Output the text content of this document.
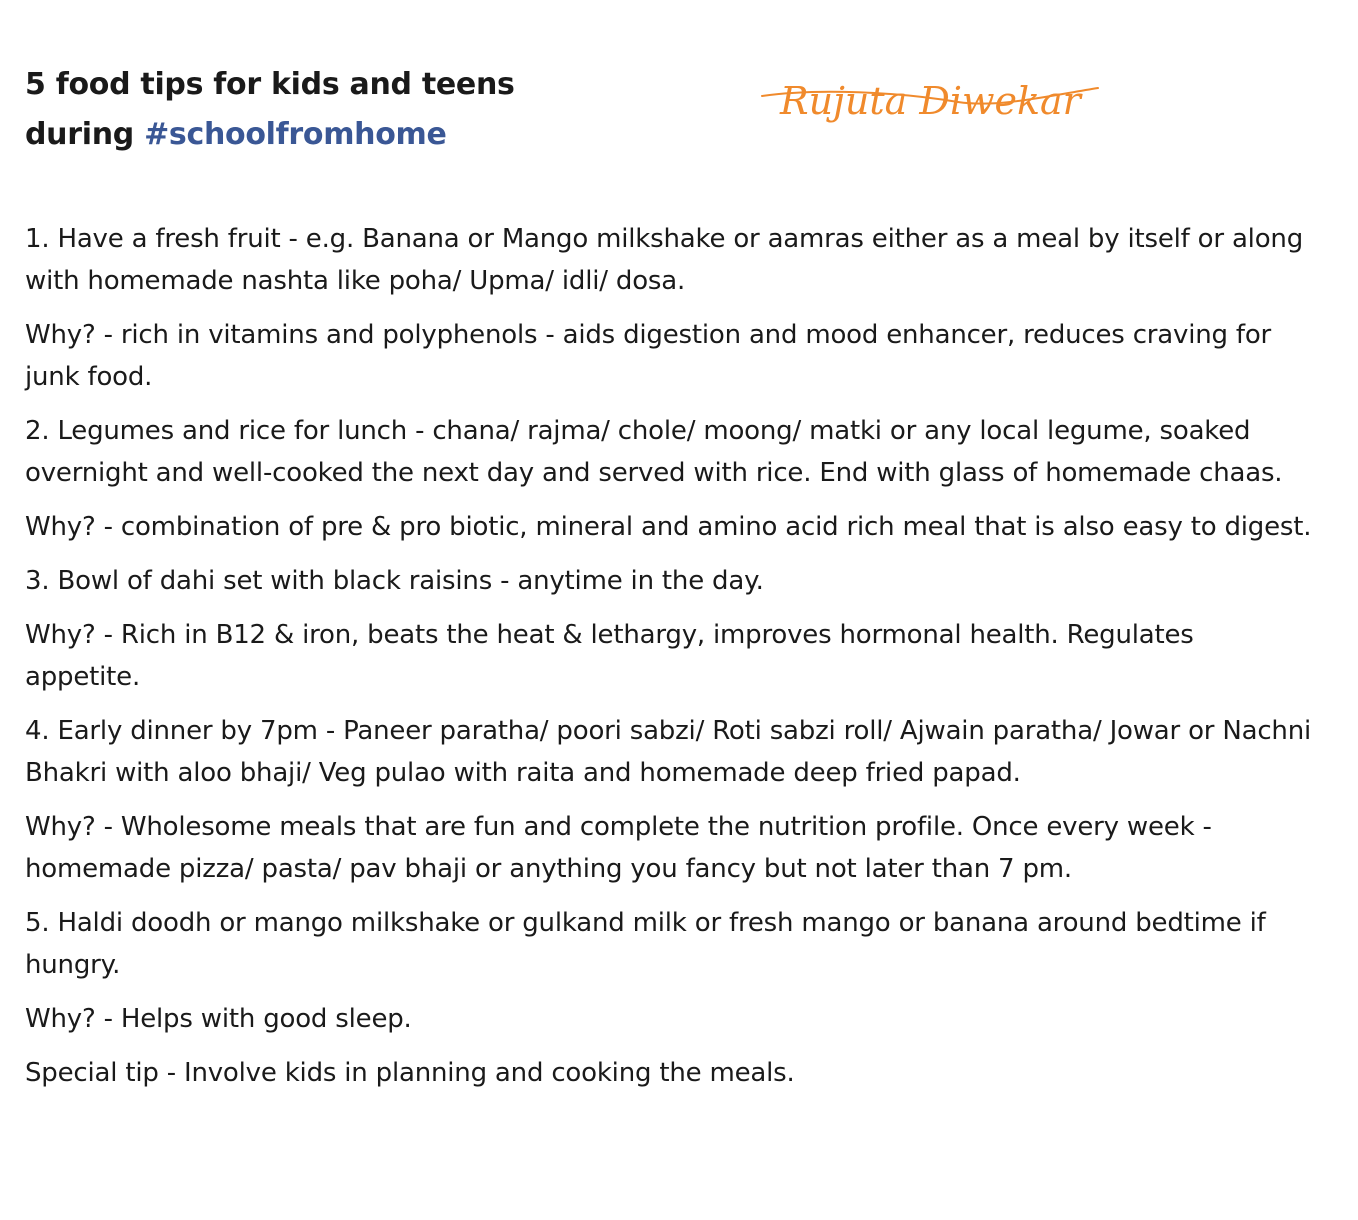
5 food tips for kids and teens
during #schoolfromhome
Rujuta Diwekar

1. Have a fresh fruit - e.g. Banana or Mango milkshake or aamras either as a meal by itself or along with homemade nashta like poha/ Upma/ idli/ dosa.

Why? - rich in vitamins and polyphenols - aids digestion and mood enhancer, reduces craving for junk food.

2. Legumes and rice for lunch - chana/ rajma/ chole/ moong/ matki or any local legume, soaked overnight and well-cooked the next day and served with rice. End with glass of homemade chaas.

Why? - combination of pre & pro biotic, mineral and amino acid rich meal that is also easy to digest.

3. Bowl of dahi set with black raisins - anytime in the day.

Why? - Rich in B12 & iron, beats the heat & lethargy, improves hormonal health. Regulates appetite.

4. Early dinner by 7pm - Paneer paratha/ poori sabzi/ Roti sabzi roll/ Ajwain paratha/ Jowar or Nachni Bhakri with aloo bhaji/ Veg pulao with raita and homemade deep fried papad.

Why? - Wholesome meals that are fun and complete the nutrition profile. Once every week - homemade pizza/ pasta/ pav bhaji or anything you fancy but not later than 7 pm.

5. Haldi doodh or mango milkshake or gulkand milk or fresh mango or banana around bedtime if hungry.

Why? - Helps with good sleep.

Special tip - Involve kids in planning and cooking the meals.
